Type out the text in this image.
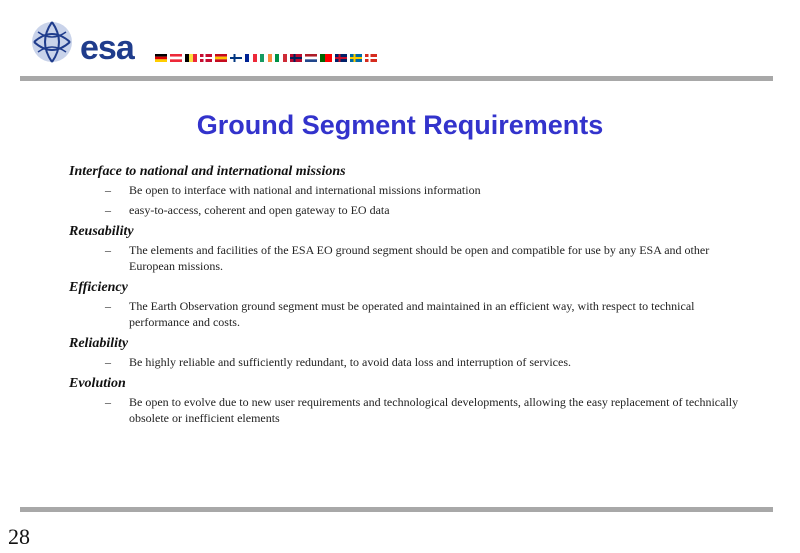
esa
Ground Segment Requirements
Interface to national and international missions
– Be open to interface with national and international missions information
– easy-to-access, coherent and open gateway to EO data
Reusability
– The elements and facilities of the ESA EO ground segment should be open and compatible for use by any ESA and other European missions.
Efficiency
– The Earth Observation ground segment must be operated and maintained in an efficient way, with respect to technical performance and costs.
Reliability
– Be highly reliable and sufficiently redundant, to avoid data loss and interruption of services.
Evolution
– Be open to evolve due to new user requirements and technological developments, allowing the easy replacement of technically obsolete or inefficient elements
28
